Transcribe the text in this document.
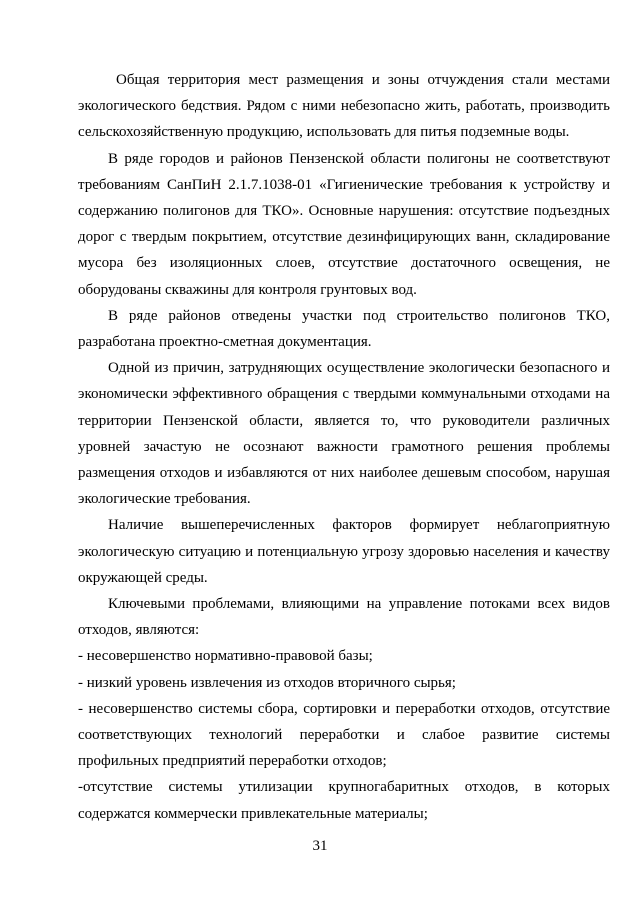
Общая территория мест размещения и зоны отчуждения стали местами экологического бедствия. Рядом с ними небезопасно жить, работать, производить сельскохозяйственную продукцию, использовать для питья подземные воды.

В ряде городов и районов Пензенской области полигоны не соответствуют требованиям СанПиН 2.1.7.1038-01 «Гигиенические требования к устройству и содержанию полигонов для ТКО». Основные нарушения: отсутствие подъездных дорог с твердым покрытием, отсутствие дезинфицирующих ванн, складирование мусора без изоляционных слоев, отсутствие достаточного освещения, не оборудованы скважины для контроля грунтовых вод.

В ряде районов отведены участки под строительство полигонов ТКО, разработана проектно-сметная документация.

Одной из причин, затрудняющих осуществление экологически безопасного и экономически эффективного обращения с твердыми коммунальными отходами на территории Пензенской области, является то, что руководители различных уровней зачастую не осознают важности грамотного решения проблемы размещения отходов и избавляются от них наиболее дешевым способом, нарушая экологические требования.

Наличие вышеперечисленных факторов формирует неблагоприятную экологическую ситуацию и потенциальную угрозу здоровью населения и качеству окружающей среды.

Ключевыми проблемами, влияющими на управление потоками всех видов отходов, являются:

- несовершенство нормативно-правовой базы;

- низкий уровень извлечения из отходов вторичного сырья;

- несовершенство системы сбора, сортировки и переработки отходов, отсутствие соответствующих технологий переработки и слабое развитие системы профильных предприятий переработки отходов;

-отсутствие системы утилизации крупногабаритных отходов, в которых содержатся коммерчески привлекательные материалы;

31
